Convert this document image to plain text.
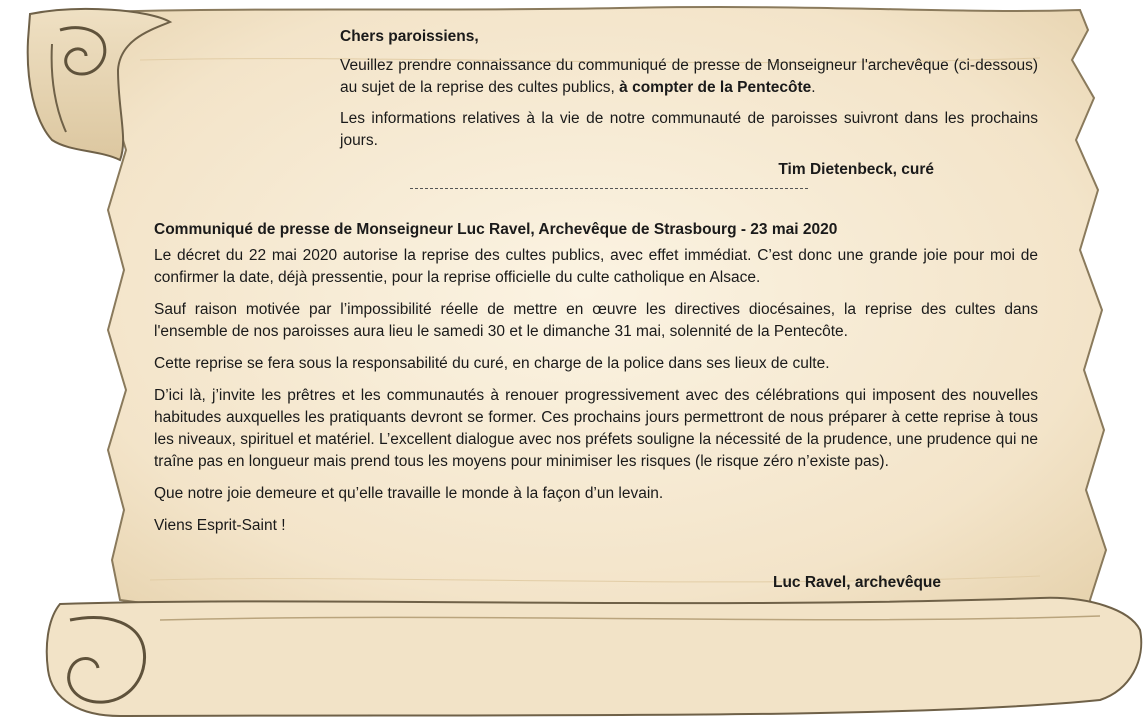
Chers paroissiens,

Veuillez prendre connaissance du communiqué de presse de Monseigneur l'archevêque (ci-dessous) au sujet de la reprise des cultes publics, à compter de la Pentecôte.

Les informations relatives à la vie de notre communauté de paroisses suivront dans les prochains jours.

Tim Dietenbeck, curé

Communiqué de presse de Monseigneur Luc Ravel, Archevêque de Strasbourg - 23 mai 2020

Le décret du 22 mai 2020 autorise la reprise des cultes publics, avec effet immédiat. C’est donc une grande joie pour moi de confirmer la date, déjà pressentie, pour la reprise officielle du culte catholique en Alsace.

Sauf raison motivée par l’impossibilité réelle de mettre en œuvre les directives diocésaines, la reprise des cultes dans l'ensemble de nos paroisses aura lieu le samedi 30 et le dimanche 31 mai, solennité de la Pentecôte.

Cette reprise se fera sous la responsabilité du curé, en charge de la police dans ses lieux de culte.

D’ici là, j’invite les prêtres et les communautés à renouer progressivement avec des célébrations qui imposent des nouvelles habitudes auxquelles les pratiquants devront se former. Ces prochains jours permettront de nous préparer à cette reprise à tous les niveaux, spirituel et matériel. L’excellent dialogue avec nos préfets souligne la nécessité de la prudence, une prudence qui ne traîne pas en longueur mais prend tous les moyens pour minimiser les risques (le risque zéro n’existe pas).

Que notre joie demeure et qu’elle travaille le monde à la façon d’un levain.

Viens Esprit-Saint !

Luc Ravel, archevêque
